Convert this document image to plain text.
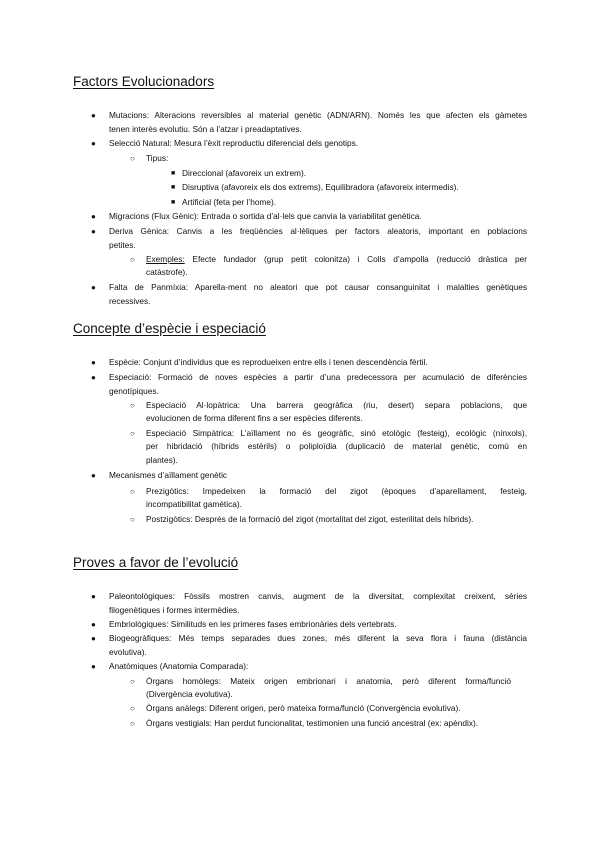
Factors Evolucionadors
● Mutacions: Alteracions reversibles al material genètic (ADN/ARN). Només les que afecten els gàmetes
tenen interès evolutiu. Són a l’atzar i preadaptatives.
● Selecció Natural: Mesura l’èxit reproductiu diferencial dels genotips.
○ Tipus:
■ Direccional (afavoreix un extrem).
■ Disruptiva (afavoreix els dos extrems), Equilibradora (afavoreix intermedis).
■ Artificial (feta per l’home).
● Migracions (Flux Gènic): Entrada o sortida d’al·lels que canvia la variabilitat genètica.
● Deriva Gènica: Canvis a les freqüències al·lèliques per factors aleatoris, important en poblacions
petites.
○ Exemples: Efecte fundador (grup petit colonitza) i Colls d’ampolla (reducció dràstica per
catàstrofe).
● Falta de Panmíxia: Aparella-ment no aleatori que pot causar consanguinitat i malalties genètiques
recessives.
Concepte d’espècie i especiació
● Espècie: Conjunt d’individus que es reprodueixen entre ells i tenen descendència fèrtil.
● Especiació: Formació de noves espècies a partir d’una predecessora per acumulació de diferències
genotípiques.
○ Especiació Al·lopàtrica: Una barrera geogràfica (riu, desert) separa poblacions, que
evolucionen de forma diferent fins a ser espècies diferents.
○ Especiació Simpàtrica: L’aïllament no és geogràfic, sinó etològic (festeig), ecològic (nínxols),
per hibridació (híbrids estèrils) o poliploïdia (duplicació de material genètic, comú en
plantes).
● Mecanismes d’aïllament genètic
○ Prezigòtics: Impedeixen la formació del zigot (èpoques d’aparellament, festeig,
incompatibilitat gamètica).
○ Postzigòtics: Després de la formació del zigot (mortalitat del zigot, esterilitat dels híbrids).
Proves a favor de l’evolució
● Paleontològiques: Fòssils mostren canvis, augment de la diversitat, complexitat creixent, sèries
filogenètiques i formes intermèdies.
● Embriològiques: Similituds en les primeres fases embrionàries dels vertebrats.
● Biogeogràfiques: Més temps separades dues zones, més diferent la seva flora i fauna (distància
evolutiva).
● Anatòmiques (Anatomia Comparada):
○ Òrgans homòlegs: Mateix origen embrionari i anatomia, però diferent forma/funció
(Divergència evolutiva).
○ Òrgans anàlegs: Diferent origen, però mateixa forma/funció (Convergència evolutiva).
○ Òrgans vestigials: Han perdut funcionalitat, testimonien una funció ancestral (ex: apèndix).
